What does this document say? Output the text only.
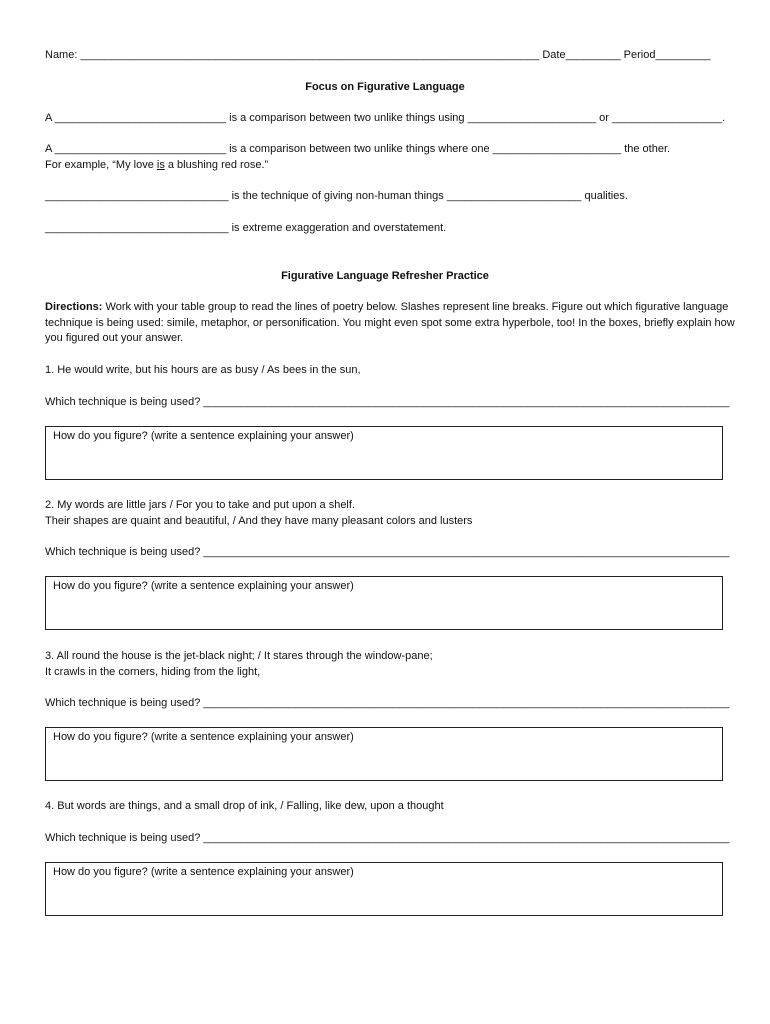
Name: ___________________________________________________________________________ Date_________ Period_________
Focus on Figurative Language
A ____________________________ is a comparison between two unlike things using _____________________ or __________________.
A ____________________________ is a comparison between two unlike things where one _____________________ the other.
For example, “My love is a blushing red rose.”
______________________________ is the technique of giving non-human things ______________________ qualities.
______________________________ is extreme exaggeration and overstatement.
Figurative Language Refresher Practice
Directions: Work with your table group to read the lines of poetry below. Slashes represent line breaks. Figure out which figurative language technique is being used: simile, metaphor, or personification. You might even spot some extra hyperbole, too! In the boxes, briefly explain how you figured out your answer.
1. He would write, but his hours are as busy / As bees in the sun,
Which technique is being used? ______________________________________________________________________________________
How do you figure? (write a sentence explaining your answer)
2. My words are little jars / For you to take and put upon a shelf.
Their shapes are quaint and beautiful, / And they have many pleasant colors and lusters
Which technique is being used? ______________________________________________________________________________________
How do you figure? (write a sentence explaining your answer)
3. All round the house is the jet-black night; / It stares through the window-pane;
It crawls in the corners, hiding from the light,
Which technique is being used? ______________________________________________________________________________________
How do you figure? (write a sentence explaining your answer)
4. But words are things, and a small drop of ink, / Falling, like dew, upon a thought
Which technique is being used? ______________________________________________________________________________________
How do you figure? (write a sentence explaining your answer)
